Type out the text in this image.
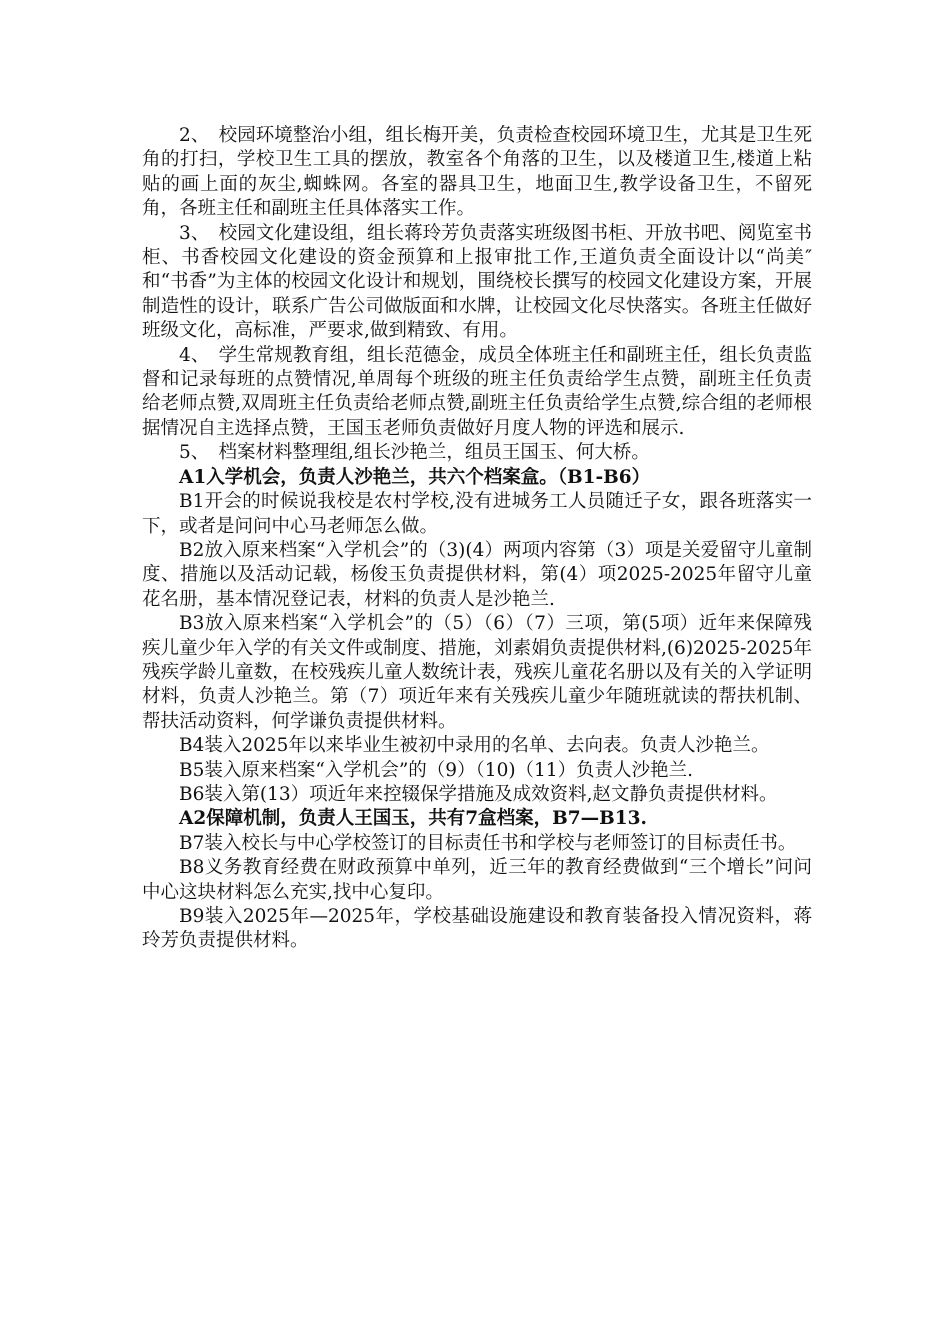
2、　校园环境整治小组，组长梅开美，负责检查校园环境卫生，尤其是卫生死角的打扫，学校卫生工具的摆放，教室各个角落的卫生，以及楼道卫生,楼道上粘贴的画上面的灰尘,蜘蛛网。各室的器具卫生，地面卫生,教学设备卫生，不留死角，各班主任和副班主任具体落实工作。

3、　校园文化建设组，组长蒋玲芳负责落实班级图书柜、开放书吧、阅览室书柜、书香校园文化建设的资金预算和上报审批工作,王道负责全面设计以“尚美″和“书香”为主体的校园文化设计和规划，围绕校长撰写的校园文化建设方案，开展制造性的设计，联系广告公司做版面和水牌，让校园文化尽快落实。各班主任做好班级文化，高标准，严要求,做到精致、有用。

4、　学生常规教育组，组长范德金，成员全体班主任和副班主任，组长负责监督和记录每班的点赞情况,单周每个班级的班主任负责给学生点赞，副班主任负责给老师点赞,双周班主任负责给老师点赞,副班主任负责给学生点赞,综合组的老师根据情况自主选择点赞，王国玉老师负责做好月度人物的评选和展示.

5、　档案材料整理组,组长沙艳兰，组员王国玉、何大桥。

A1入学机会，负责人沙艳兰，共六个档案盒。（B1-B6）

B1开会的时候说我校是农村学校,没有进城务工人员随迁子女，跟各班落实一下，或者是问问中心马老师怎么做。

B2放入原来档案“入学机会”的（3)(4）两项内容第（3）项是关爱留守儿童制度、措施以及活动记载，杨俊玉负责提供材料，第(4）项2025-2025年留守儿童花名册，基本情况登记表，材料的负责人是沙艳兰.

B3放入原来档案“入学机会”的（5）（6）（7）三项，第(5项）近年来保障残疾儿童少年入学的有关文件或制度、措施，刘素娟负责提供材料,(6)2025-2025年残疾学龄儿童数，在校残疾儿童人数统计表，残疾儿童花名册以及有关的入学证明材料，负责人沙艳兰。第（7）项近年来有关残疾儿童少年随班就读的帮扶机制、帮扶活动资料，何学谦负责提供材料。

B4装入2025年以来毕业生被初中录用的名单、去向表。负责人沙艳兰。

B5装入原来档案“入学机会”的（9）（10)（11）负责人沙艳兰.

B6装入第(13）项近年来控辍保学措施及成效资料,赵文静负责提供材料。

A2保障机制，负责人王国玉，共有7盒档案，B7—B13.

B7装入校长与中心学校签订的目标责任书和学校与老师签订的目标责任书。

B8义务教育经费在财政预算中单列，近三年的教育经费做到“三个增长”问问中心这块材料怎么充实,找中心复印。

B9装入2025年—2025年，学校基础设施建设和教育装备投入情况资料，蒋玲芳负责提供材料。
